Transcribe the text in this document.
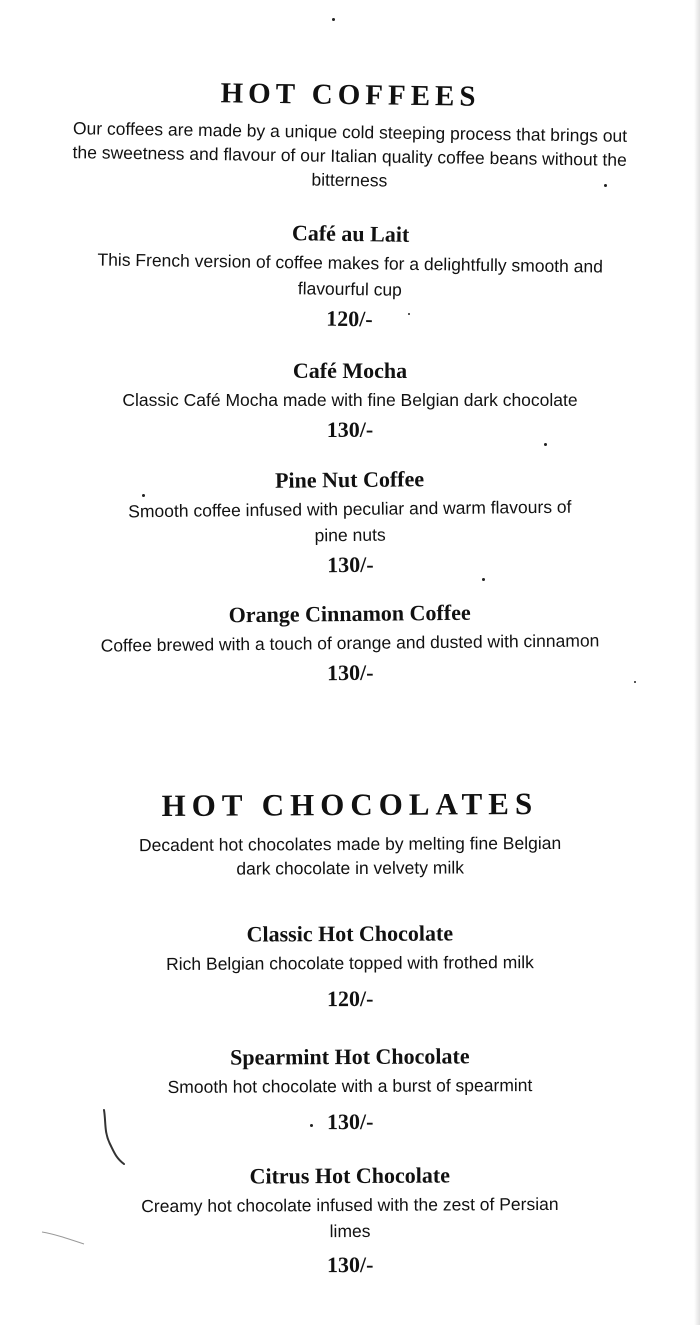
HOT COFFEES

Our coffees are made by a unique cold steeping process that brings out the sweetness and flavour of our Italian quality coffee beans without the bitterness

Café au Lait

This French version of coffee makes for a delightfully smooth and flavourful cup

120/-
Café Mocha

Classic Café Mocha made with fine Belgian dark chocolate

130/-
Pine Nut Coffee

Smooth coffee infused with peculiar and warm flavours of pine nuts

130/-
Orange Cinnamon Coffee

Coffee brewed with a touch of orange and dusted with cinnamon

130/-
HOT CHOCOLATES

Decadent hot chocolates made by melting fine Belgian dark chocolate in velvety milk

Classic Hot Chocolate

Rich Belgian chocolate topped with frothed milk

120/-
Spearmint Hot Chocolate

Smooth hot chocolate with a burst of spearmint

130/-
Citrus Hot Chocolate

Creamy hot chocolate infused with the zest of Persian limes

130/-
